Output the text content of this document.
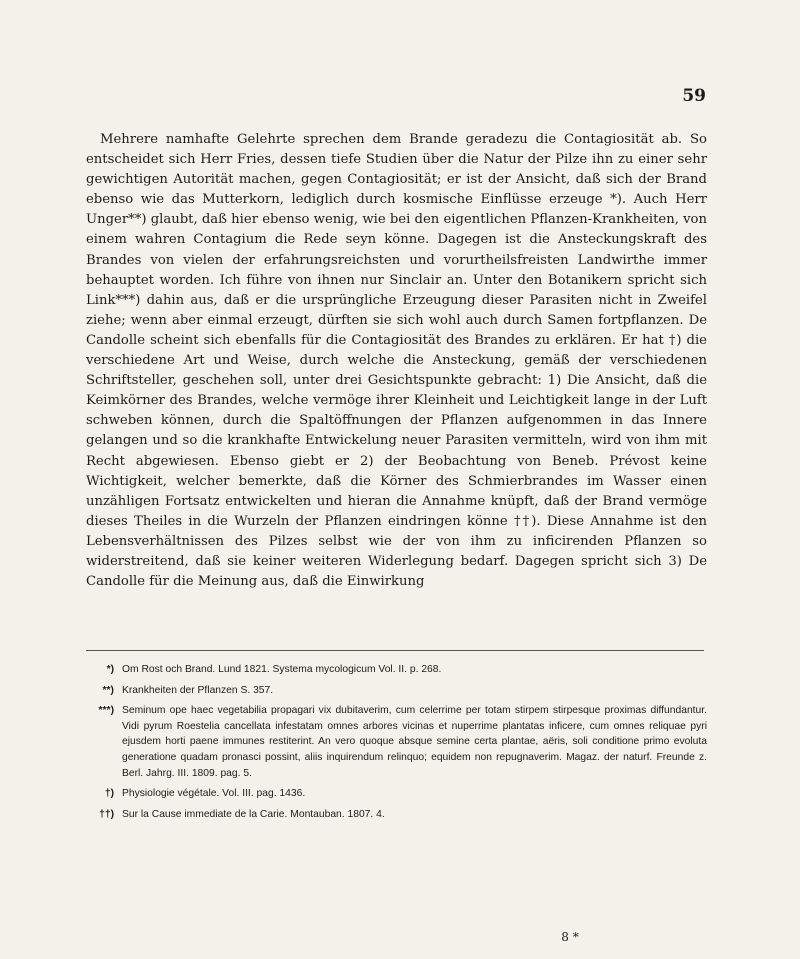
59

Mehrere namhafte Gelehrte sprechen dem Brande geradezu die Contagiosität ab. So entscheidet sich Herr Fries, dessen tiefe Studien über die Natur der Pilze ihn zu einer sehr gewichtigen Autorität machen, gegen Contagiosität; er ist der Ansicht, daß sich der Brand ebenso wie das Mutterkorn, lediglich durch kosmische Einflüsse erzeuge *). Auch Herr Unger**) glaubt, daß hier ebenso wenig, wie bei den eigentlichen Pflanzen-Krankheiten, von einem wahren Contagium die Rede seyn könne. Dagegen ist die Ansteckungskraft des Brandes von vielen der erfahrungsreichsten und vorurtheilsfreisten Landwirthe immer behauptet worden. Ich führe von ihnen nur Sinclair an. Unter den Botanikern spricht sich Link***) dahin aus, daß er die ursprüngliche Erzeugung dieser Parasiten nicht in Zweifel ziehe; wenn aber einmal erzeugt, dürften sie sich wohl auch durch Samen fortpflanzen. De Candolle scheint sich ebenfalls für die Contagiosität des Brandes zu erklären. Er hat †) die verschiedene Art und Weise, durch welche die Ansteckung, gemäß der verschiedenen Schriftsteller, geschehen soll, unter drei Gesichtspunkte gebracht: 1) Die Ansicht, daß die Keimkörner des Brandes, welche vermöge ihrer Kleinheit und Leichtigkeit lange in der Luft schweben können, durch die Spaltöffnungen der Pflanzen aufgenommen in das Innere gelangen und so die krankhafte Entwickelung neuer Parasiten vermitteln, wird von ihm mit Recht abgewiesen. Ebenso giebt er 2) der Beobachtung von Beneb. Prévost keine Wichtigkeit, welcher bemerkte, daß die Körner des Schmierbrandes im Wasser einen unzähligen Fortsatz entwickelten und hieran die Annahme knüpft, daß der Brand vermöge dieses Theiles in die Wurzeln der Pflanzen eindringen könne ††). Diese Annahme ist den Lebensverhältnissen des Pilzes selbst wie der von ihm zu inficirenden Pflanzen so widerstreitend, daß sie keiner weiteren Widerlegung bedarf. Dagegen spricht sich 3) De Candolle für die Meinung aus, daß die Einwirkung

*) Om Rost och Brand. Lund 1821. Systema mycologicum Vol. II. p. 268.
**) Krankheiten der Pflanzen S. 357.
***) Seminum ope haec vegetabilia propagari vix dubitaverim, cum celerrime per totam stirpem stirpesque proximas diffundantur. Vidi pyrum Roestelia cancellata infestatam omnes arbores vicinas et nuperrime plantatas inficere, cum omnes reliquae pyri ejusdem horti paene immunes restiterint. An vero quoque absque semine certa plantae, aëris, soli conditione primo evoluta generatione quadam pronasci possint, aliis inquirendum relinquo; equidem non repugnaverim. Magaz. der naturf. Freunde z. Berl. Jahrg. III. 1809. pag. 5.
†) Physiologie végétale. Vol. III. pag. 1436.
††) Sur la Cause immediate de la Carie. Montauban. 1807. 4.
8 *
